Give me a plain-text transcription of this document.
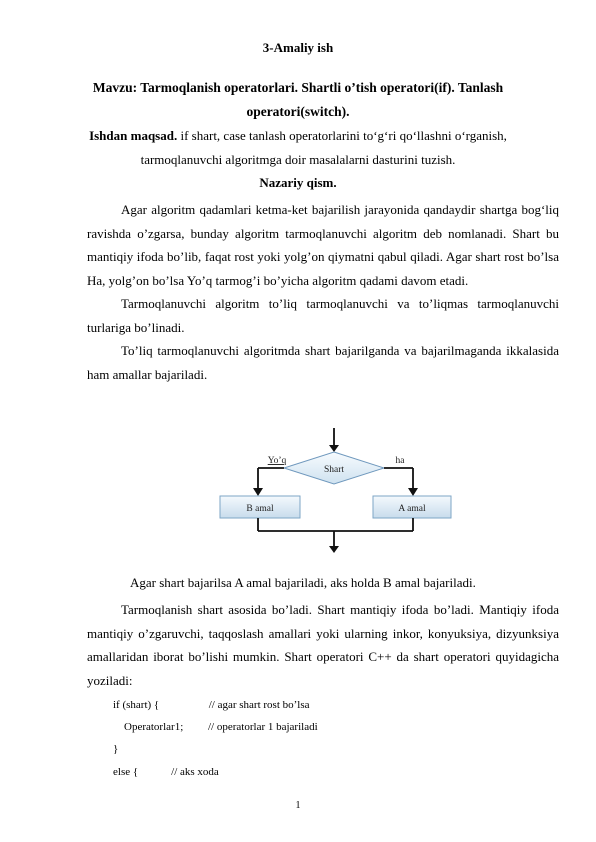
3-Amaliy ish
Mavzu: Tarmoqlanish operatorlari. Shartli o’tish operatori(if). Tanlash
operatori(switch).
Ishdan maqsad. if shart, case tanlash operatorlarini to‘g‘ri qo‘llashni o‘rganish,
tarmoqlanuvchi algoritmga doir masalalarni dasturini tuzish.
Nazariy qism.

Agar algoritm qadamlari ketma-ket bajarilish jarayonida qandaydir shartga bog‘liq ravishda o’zgarsa, bunday algoritm tarmoqlanuvchi algoritm deb nomlanadi. Shart bu mantiqiy ifoda bo’lib, faqat rost yoki yolg’on qiymatni qabul qiladi. Agar shart rost bo’lsa Ha, yolg’on bo’lsa Yo’q tarmog’i bo’yicha algoritm qadami davom etadi.

Tarmoqlanuvchi algoritm to’liq tarmoqlanuvchi va to’liqmas tarmoqlanuvchi turlariga bo’linadi.

To’liq tarmoqlanuvchi algoritmda shart bajarilganda va bajarilmaganda ikkalasida ham amallar bajariladi.

Yo’q	ha
Shart
B amal	A amal
Agar shart bajarilsa A amal bajariladi, aks holda B amal bajariladi.

Tarmoqlanish shart asosida bo’ladi. Shart mantiqiy ifoda bo’ladi. Mantiqiy ifoda mantiqiy o’zgaruvchi, taqqoslash amallari yoki ularning inkor, konyuksiya, dizyunksiya amallaridan iborat bo’lishi mumkin. Shart operatori C++ da shart operatori quyidagicha yoziladi:

if (shart) {                  // agar shart rost bo’lsa
Operatorlar1;         // operatorlar 1 bajariladi
}
else {            // aks xoda
1
